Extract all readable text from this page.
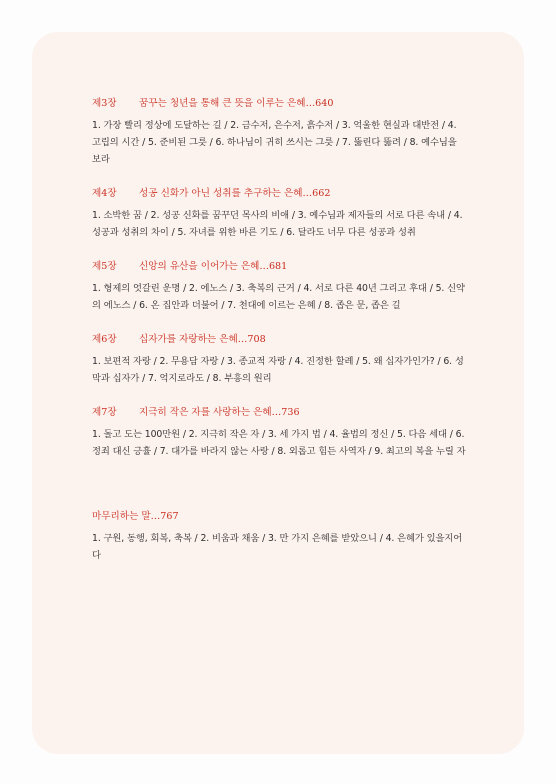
제3장 꿈꾸는 청년을 통해 큰 뜻을 이루는 은혜…640
1. 가장 빨리 정상에 도달하는 길 / 2. 금수저, 은수저, 흙수저 / 3. 억울한 현실과 대반전 / 4. 고립의 시간 / 5. 준비된 그릇 / 6. 하나님이 귀히 쓰시는 그릇 / 7. 뚫린다 뚫려 / 8. 예수님을 보라
제4장 성공 신화가 아닌 성취를 추구하는 은혜…662
1. 소박한 꿈 / 2. 성공 신화를 꿈꾸던 목사의 비애 / 3. 예수님과 제자들의 서로 다른 속내 / 4. 성공과 성취의 차이 / 5. 자녀를 위한 바른 기도 / 6. 달라도 너무 다른 성공과 성취
제5장 신앙의 유산을 이어가는 은혜…681
1. 형제의 엇갈린 운명 / 2. 에노스 / 3. 축복의 근거 / 4. 서로 다른 40년 그리고 후대 / 5. 신약의 에노스 / 6. 온 집안과 더불어 / 7. 천대에 이르는 은혜 / 8. 좁은 문, 좁은 길
제6장 십자가를 자랑하는 은혜…708
1. 보편적 자랑 / 2. 무용담 자랑 / 3. 종교적 자랑 / 4. 진정한 할례 / 5. 왜 십자가인가? / 6. 성막과 십자가 / 7. 억지로라도 / 8. 부흥의 원리
제7장 지극히 작은 자를 사랑하는 은혜…736
1. 돌고 도는 100만원 / 2. 지극히 작은 자 / 3. 세 가지 법 / 4. 율법의 정신 / 5. 다음 세대 / 6. 정죄 대신 긍휼 / 7. 대가를 바라지 않는 사랑 / 8. 외롭고 힘든 사역자 / 9. 최고의 복을 누릴 자
마무리하는 말…767
1. 구원, 동행, 회복, 축복 / 2. 비움과 채움 / 3. 만 가지 은혜를 받았으니 / 4. 은혜가 있을지어다
